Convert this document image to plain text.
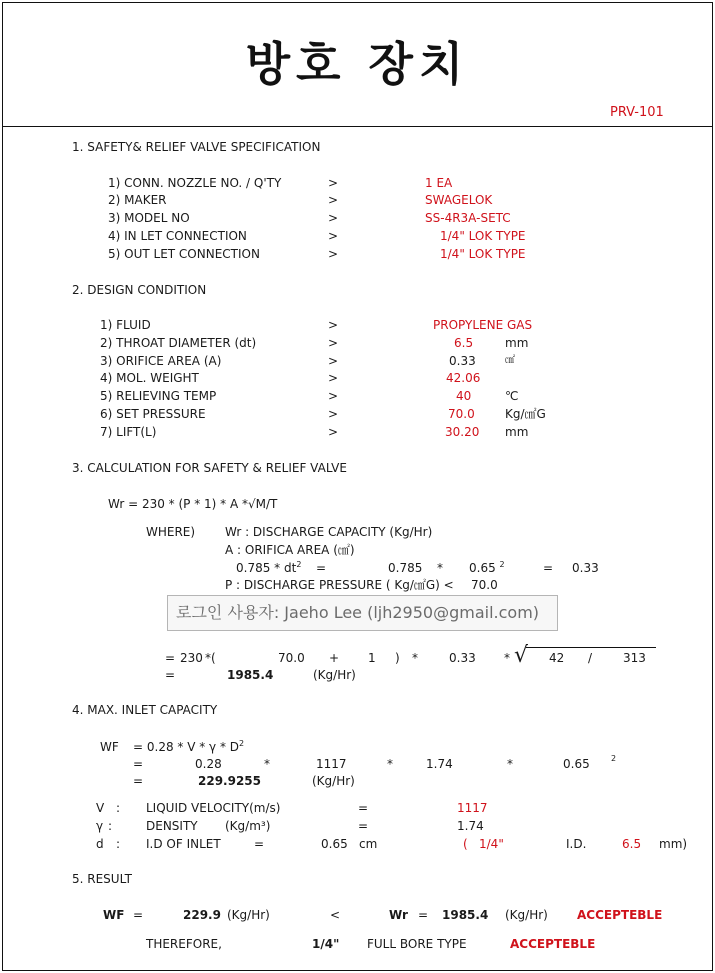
방호 장치
PRV-101
1. SAFETY& RELIEF VALVE SPECIFICATION
1) CONN. NOZZLE NO. / Q'TY	>	1 EA
2) MAKER	>	SWAGELOK
3) MODEL NO	>	SS-4R3A-SETC
4) IN LET CONNECTION	>	1/4" LOK TYPE
5) OUT LET CONNECTION	>	1/4" LOK TYPE
2. DESIGN CONDITION
1) FLUID	>	PROPYLENE GAS
2) THROAT DIAMETER (dt)	>	6.5	mm
3) ORIFICE AREA (A)	>	0.33	㎠
4) MOL. WEIGHT	>	42.06
5) RELIEVING TEMP	>	40	℃
6) SET PRESSURE	>	70.0	Kg/㎠G
7) LIFT(L)	>	30.20 mm
3. CALCULATION FOR SAFETY & RELIEF VALVE
Wr = 230 * (P * 1) * A *√M/T
WHERE) Wr : DISCHARGE CAPACITY (Kg/Hr)
A : ORIFICA AREA (㎠)
$0.785 * dt^2$ =	0.785 * 0.65 $^2$	= 0.33
P : DISCHARGE PRESSURE ( Kg/㎠G) < 70.0
로그인 사용자: Jaeho Lee (ljh2950@gmail.com)
= 230 *(	70.0 + 1 ) *	0.33 * √ 42 /	313
=	1985.4	(Kg/Hr)
4. MAX. INLET CAPACITY
WF = 0.28 * V * γ * $D^2$
=	0.28	*	1117	*	1.74	*	0.65	2
=	229.9255	(Kg/Hr)
V : LIQUID VELOCITY(m/s)	=	1117
γ :	DENSITY (Kg/m³)	=	1.74
d : I.D OF INLET	=	0.65 cm	( 1/4"	I.D.	6.5 mm)
5. RESULT
WF =	229.9 (Kg/Hr)	<	Wr = 1985.4 (Kg/Hr) ACCEPTEBLE
THEREFORE,	1/4" FULL BORE TYPE	ACCEPTEBLE
